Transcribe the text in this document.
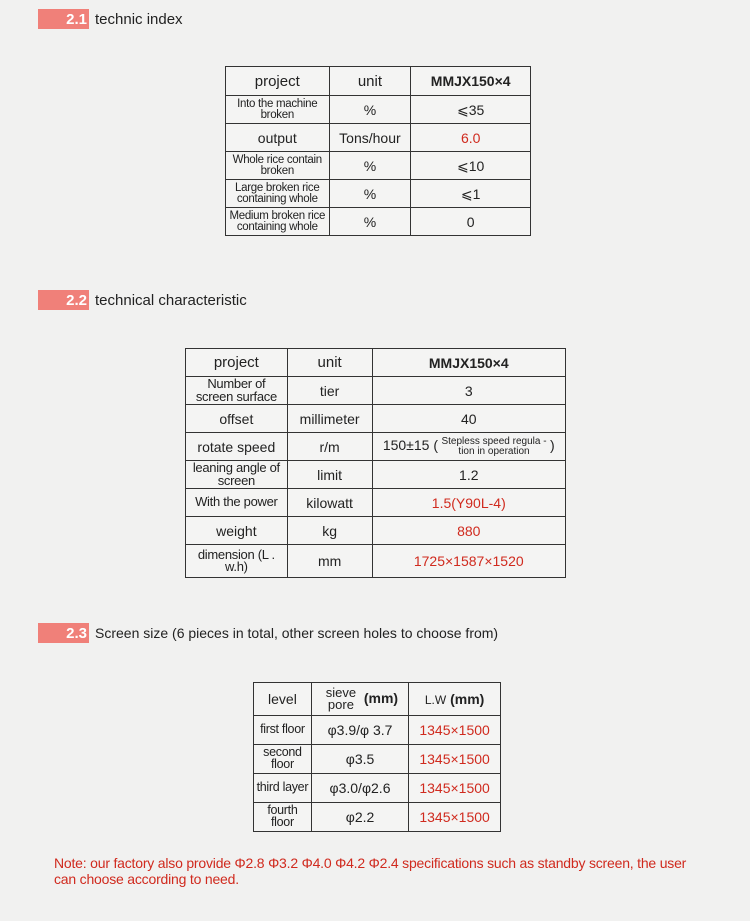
2.1 technic index
project	unit	MMJX150×4
Into the machine broken	%	⩽35
output	Tons/hour	6.0
Whole rice contain broken	%	⩽10
Large broken rice containing whole	%	⩽1
Medium broken rice containing whole	%	0
2.2 technical characteristic
project	unit	MMJX150×4
Number of screen surface	tier	3
offset	millimeter	40
rotate speed	r/m	150±15 ( Stepless speed regula -tion in operation )
leaning angle of screen	limit	1.2
With the power	kilowatt	1.5(Y90L-4)
weight	kg	880
dimension (L . w.h)	mm	1725×1587×1520
2.3 Screen size (6 pieces in total, other screen holes to choose from)
level	sieve pore (mm)	L.W (mm)
first floor	φ3.9/φ 3.7	1345×1500
second floor	φ3.5	1345×1500
third layer	φ3.0/φ2.6	1345×1500
fourth floor	φ2.2	1345×1500
Note: our factory also provide Φ2.8 Φ3.2 Φ4.0 Φ4.2 Φ2.4 specifications such as standby screen, the user can choose according to need.
